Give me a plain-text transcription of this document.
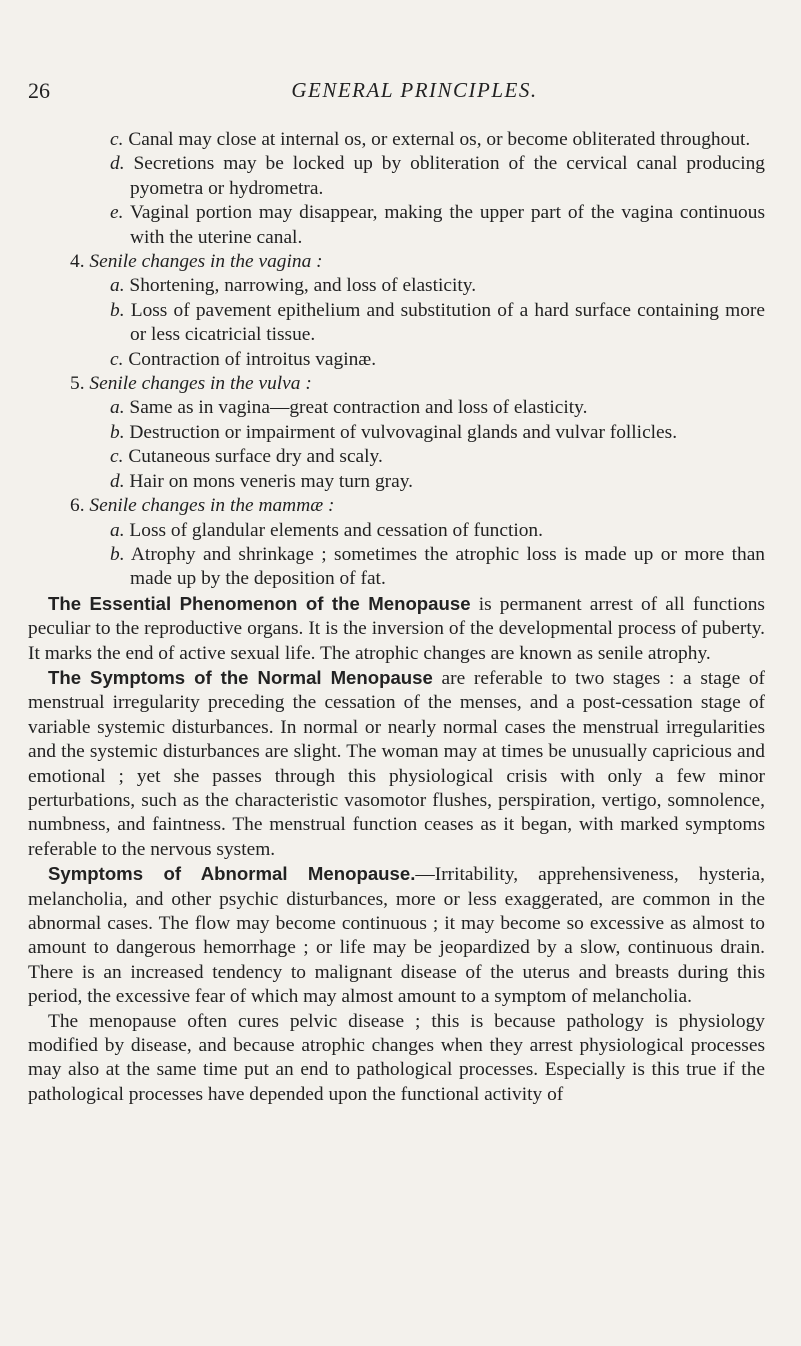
26	GENERAL PRINCIPLES.

c. Canal may close at internal os, or external os, or become obliterated throughout.

d. Secretions may be locked up by obliteration of the cervical canal producing pyometra or hydrometra.

e. Vaginal portion may disappear, making the upper part of the vagina continuous with the uterine canal.

4. Senile changes in the vagina :

a. Shortening, narrowing, and loss of elasticity.

b. Loss of pavement epithelium and substitution of a hard surface containing more or less cicatricial tissue.

c. Contraction of introitus vaginæ.

5. Senile changes in the vulva :

a. Same as in vagina—great contraction and loss of elasticity.

b. Destruction or impairment of vulvovaginal glands and vulvar follicles.

c. Cutaneous surface dry and scaly.

d. Hair on mons veneris may turn gray.

6. Senile changes in the mammæ :

a. Loss of glandular elements and cessation of function.

b. Atrophy and shrinkage ; sometimes the atrophic loss is made up or more than made up by the deposition of fat.

The Essential Phenomenon of the Menopause is permanent arrest of all functions peculiar to the reproductive organs. It is the inversion of the developmental process of puberty. It marks the end of active sexual life. The atrophic changes are known as senile atrophy.

The Symptoms of the Normal Menopause are referable to two stages : a stage of menstrual irregularity preceding the cessation of the menses, and a post-cessation stage of variable systemic disturbances. In normal or nearly normal cases the menstrual irregularities and the systemic disturbances are slight. The woman may at times be unusually capricious and emotional ; yet she passes through this physiological crisis with only a few minor perturbations, such as the characteristic vasomotor flushes, perspiration, vertigo, somnolence, numbness, and faintness. The menstrual function ceases as it began, with marked symptoms referable to the nervous system.

Symptoms of Abnormal Menopause.—Irritability, apprehensiveness, hysteria, melancholia, and other psychic disturbances, more or less exaggerated, are common in the abnormal cases. The flow may become continuous ; it may become so excessive as almost to amount to dangerous hemorrhage ; or life may be jeopardized by a slow, continuous drain. There is an increased tendency to malignant disease of the uterus and breasts during this period, the excessive fear of which may almost amount to a symptom of melancholia.

The menopause often cures pelvic disease ; this is because pathology is physiology modified by disease, and because atrophic changes when they arrest physiological processes may also at the same time put an end to pathological processes. Especially is this true if the pathological processes have depended upon the functional activity of
